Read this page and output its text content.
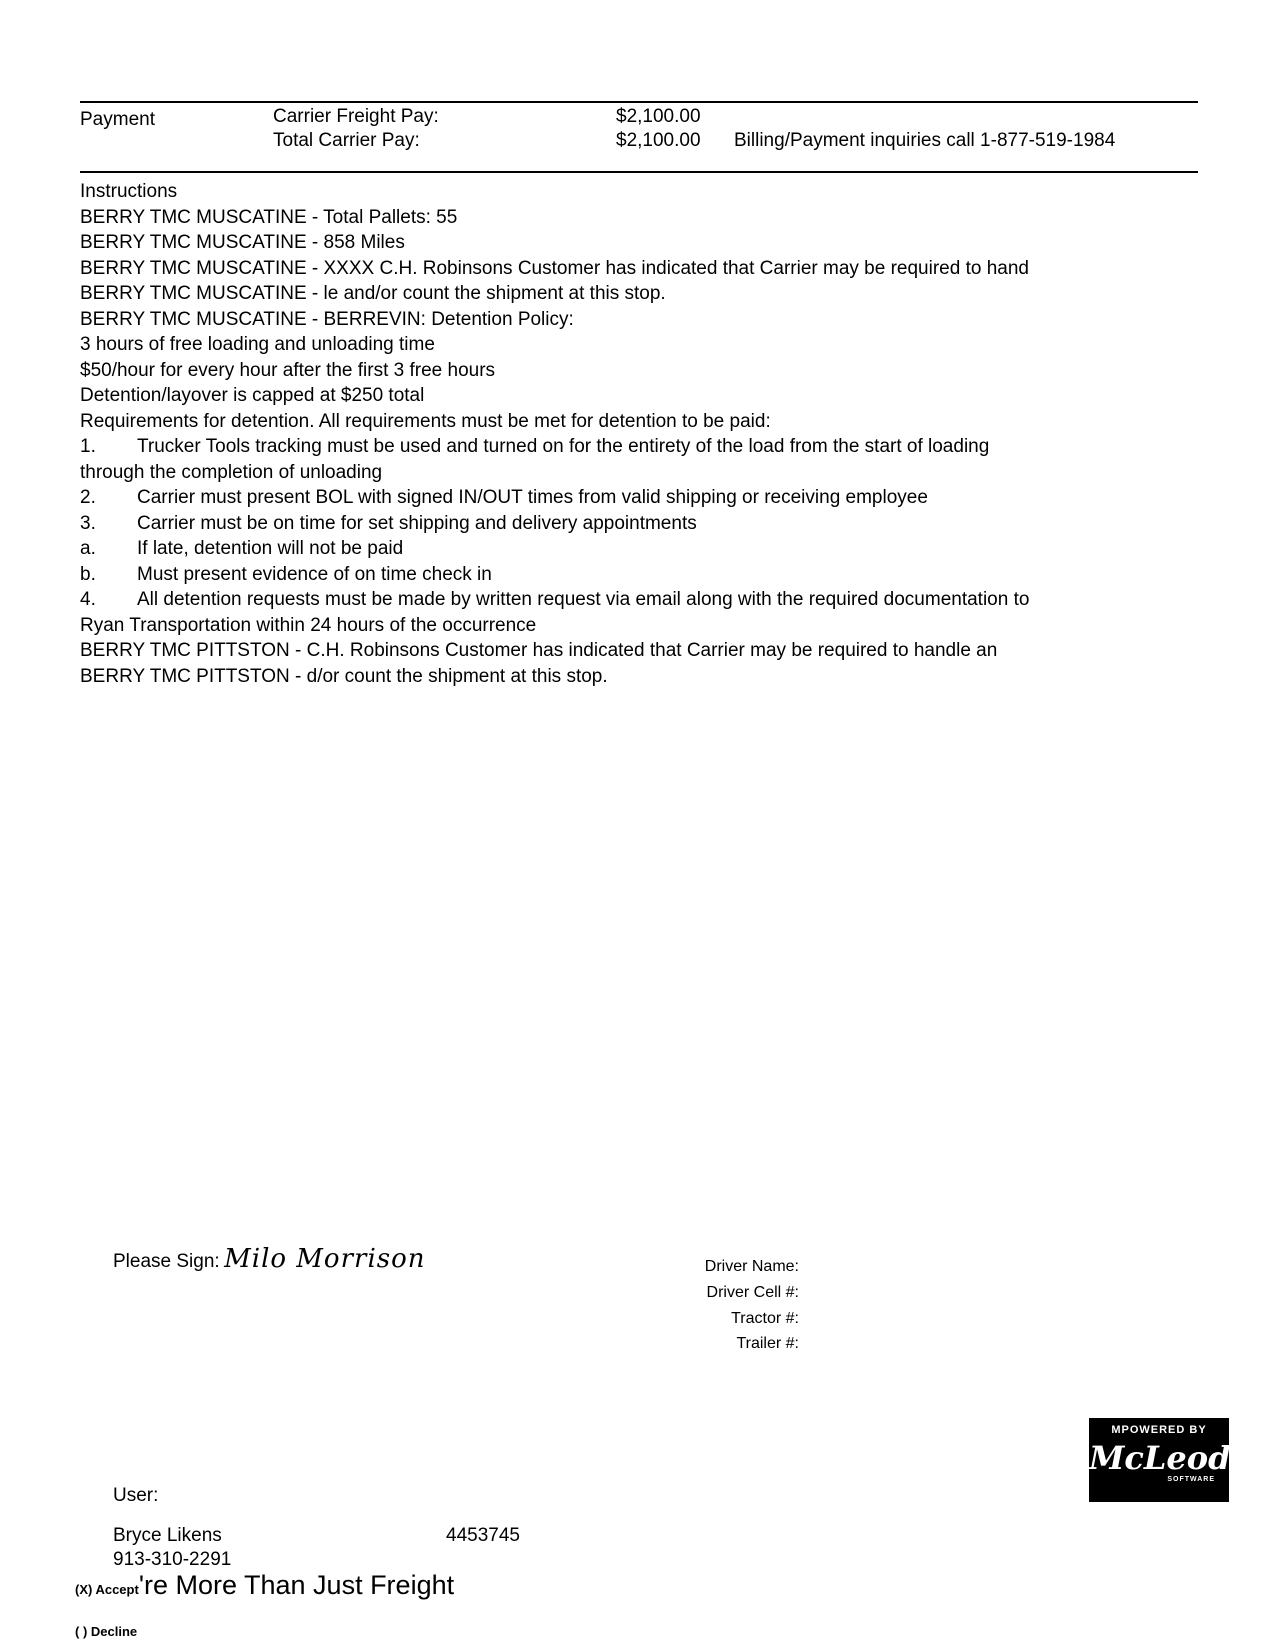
Payment	Carrier Freight Pay:	$2,100.00
Total Carrier Pay:	$2,100.00 Billing/Payment inquiries call 1-877-519-1984
Instructions
BERRY TMC MUSCATINE - Total Pallets: 55
BERRY TMC MUSCATINE - 858 Miles
BERRY TMC MUSCATINE - XXXX C.H. Robinsons Customer has indicated that Carrier may be required to hand
BERRY TMC MUSCATINE - le and/or count the shipment at this stop.
BERRY TMC MUSCATINE - BERREVIN: Detention Policy:
3 hours of free loading and unloading time
$50/hour for every hour after the first 3 free hours
Detention/layover is capped at $250 total
Requirements for detention. All requirements must be met for detention to be paid:
1. Trucker Tools tracking must be used and turned on for the entirety of the load from the start of loading
through the completion of unloading
2. Carrier must present BOL with signed IN/OUT times from valid shipping or receiving employee
3. Carrier must be on time for set shipping and delivery appointments
a. If late, detention will not be paid
b. Must present evidence of on time check in
4. All detention requests must be made by written request via email along with the required documentation to
Ryan Transportation within 24 hours of the occurrence
BERRY TMC PITTSTON - C.H. Robinsons Customer has indicated that Carrier may be required to handle an
BERRY TMC PITTSTON - d/or count the shipment at this stop.
Please Sign: Milo Morrison	Driver Name:
Driver Cell #:
Tractor #:
Trailer #:
MPOWERED BY
McLeod
SOFTWARE
User:
Bryce Likens	4453745
913-310-2291
(X) Accept're More Than Just Freight
( ) Decline
